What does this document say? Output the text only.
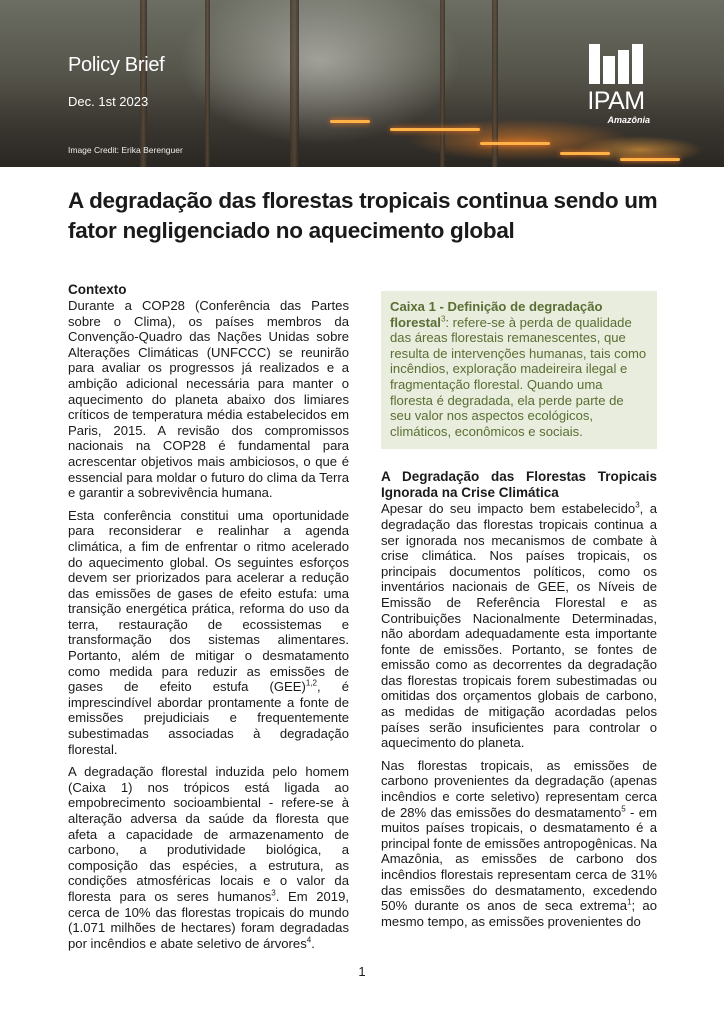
Policy Brief
Dec. 1st 2023
Image Credit: Erika Berenguer
IPAM
Amazônia
A degradação das florestas tropicais continua sendo um fator negligenciado no aquecimento global
Contexto

Durante a COP28 (Conferência das Partes sobre o Clima), os países membros da Convenção-Quadro das Nações Unidas sobre Alterações Climáticas (UNFCCC) se reunirão para avaliar os progressos já realizados e a ambição adicional necessária para manter o aquecimento do planeta abaixo dos limiares críticos de temperatura média estabelecidos em Paris, 2015. A revisão dos compromissos nacionais na COP28 é fundamental para acrescentar objetivos mais ambiciosos, o que é essencial para moldar o futuro do clima da Terra e garantir a sobrevivência humana.

Esta conferência constitui uma oportunidade para reconsiderar e realinhar a agenda climática, a fim de enfrentar o ritmo acelerado do aquecimento global. Os seguintes esforços devem ser priorizados para acelerar a redução das emissões de gases de efeito estufa: uma transição energética prática, reforma do uso da terra, restauração de ecossistemas e transformação dos sistemas alimentares. Portanto, além de mitigar o desmatamento como medida para reduzir as emissões de gases de efeito estufa (GEE)$^{1,2}$, é imprescindível abordar prontamente a fonte de emissões prejudiciais e frequentemente subestimadas associadas à degradação florestal.

A degradação florestal induzida pelo homem (Caixa 1) nos trópicos está ligada ao empobrecimento socioambiental - refere-se à alteração adversa da saúde da floresta que afeta a capacidade de armazenamento de carbono, a produtividade biológica, a composição das espécies, a estrutura, as condições atmosféricas locais e o valor da floresta para os seres humanos$^3$. Em 2019, cerca de 10% das florestas tropicais do mundo (1.071 milhões de hectares) foram degradadas por incêndios e abate seletivo de árvores$^4$.

Caixa 1 - Definição de degradação florestal$^3$: refere-se à perda de qualidade das áreas florestais remanescentes, que resulta de intervenções humanas, tais como incêndios, exploração madeireira ilegal e fragmentação florestal. Quando uma floresta é degradada, ela perde parte de seu valor nos aspectos ecológicos, climáticos, econômicos e sociais.
A Degradação das Florestas Tropicais Ignorada na Crise Climática

Apesar do seu impacto bem estabelecido$^3$, a degradação das florestas tropicais continua a ser ignorada nos mecanismos de combate à crise climática. Nos países tropicais, os principais documentos políticos, como os inventários nacionais de GEE, os Níveis de Emissão de Referência Florestal e as Contribuições Nacionalmente Determinadas, não abordam adequadamente esta importante fonte de emissões. Portanto, se fontes de emissão como as decorrentes da degradação das florestas tropicais forem subestimadas ou omitidas dos orçamentos globais de carbono, as medidas de mitigação acordadas pelos países serão insuficientes para controlar o aquecimento do planeta.

Nas florestas tropicais, as emissões de carbono provenientes da degradação (apenas incêndios e corte seletivo) representam cerca de 28% das emissões do desmatamento$^5$ - em muitos países tropicais, o desmatamento é a principal fonte de emissões antropogênicas. Na Amazônia, as emissões de carbono dos incêndios florestais representam cerca de 31% das emissões do desmatamento, excedendo 50% durante os anos de seca extrema$^1$; ao mesmo tempo, as emissões provenientes do

1
